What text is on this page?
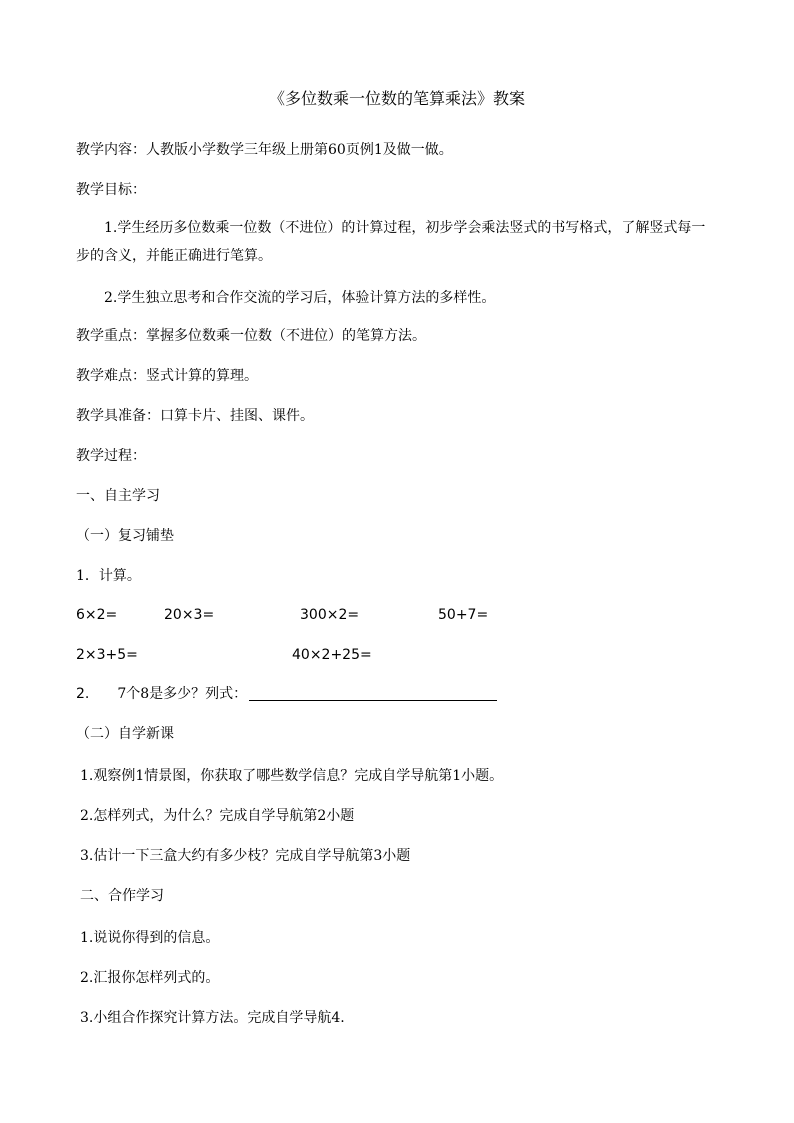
《多位数乘一位数的笔算乘法》教案
教学内容：人教版小学数学三年级上册第60页例1及做一做。
教学目标：
1.学生经历多位数乘一位数（不进位）的计算过程，初步学会乘法竖式的书写格式，了解竖式每一步的含义，并能正确进行笔算。
2.学生独立思考和合作交流的学习后，体验计算方法的多样性。
教学重点：掌握多位数乘一位数（不进位）的笔算方法。
教学难点：竖式计算的算理。
教学具准备：口算卡片、挂图、课件。
教学过程：
一、自主学习
（一）复习铺垫
1．计算。
6×2=	20×3=	300×2=	50+7=
2×3+5=	40×2+25=
2. 7个8是多少？列式：
（二）自学新课
1.观察例1情景图，你获取了哪些数学信息？完成自学导航第1小题。
2.怎样列式，为什么？完成自学导航第2小题
3.估计一下三盒大约有多少枝？完成自学导航第3小题
二、合作学习
1.说说你得到的信息。
2.汇报你怎样列式的。
3.小组合作探究计算方法。完成自学导航4.
